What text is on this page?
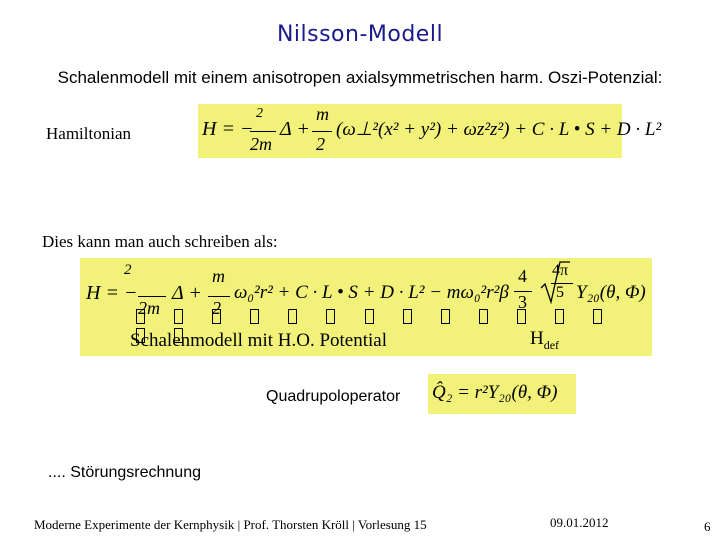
Nilsson-Modell
Schalenmodell mit einem anisotropen axialsymmetrischen harm. Oszi-Potenzial:
Hamiltonian	H = −
2
2m
Δ +
m
2
(ω⊥²(x² + y²) + ωz²z²) + C · L • S + D · L²
Dies kann man auch schreiben als:
H = −
2
2m
Δ +
m
2
ω₀²r² + C · L • S + D · L² − mω₀²r²β
4
3
4π
5 Y₂₀(θ, Φ)

Schalenmodell mit H.O. Potential	$H_{def}$
Quadrupoloperator Q̂₂ = r²Y₂₀(θ, Φ)
.... Störungsrechnung
Moderne Experimente der Kernphysik | Prof. Thorsten Kröll | Vorlesung 15	09.01.2012	6
